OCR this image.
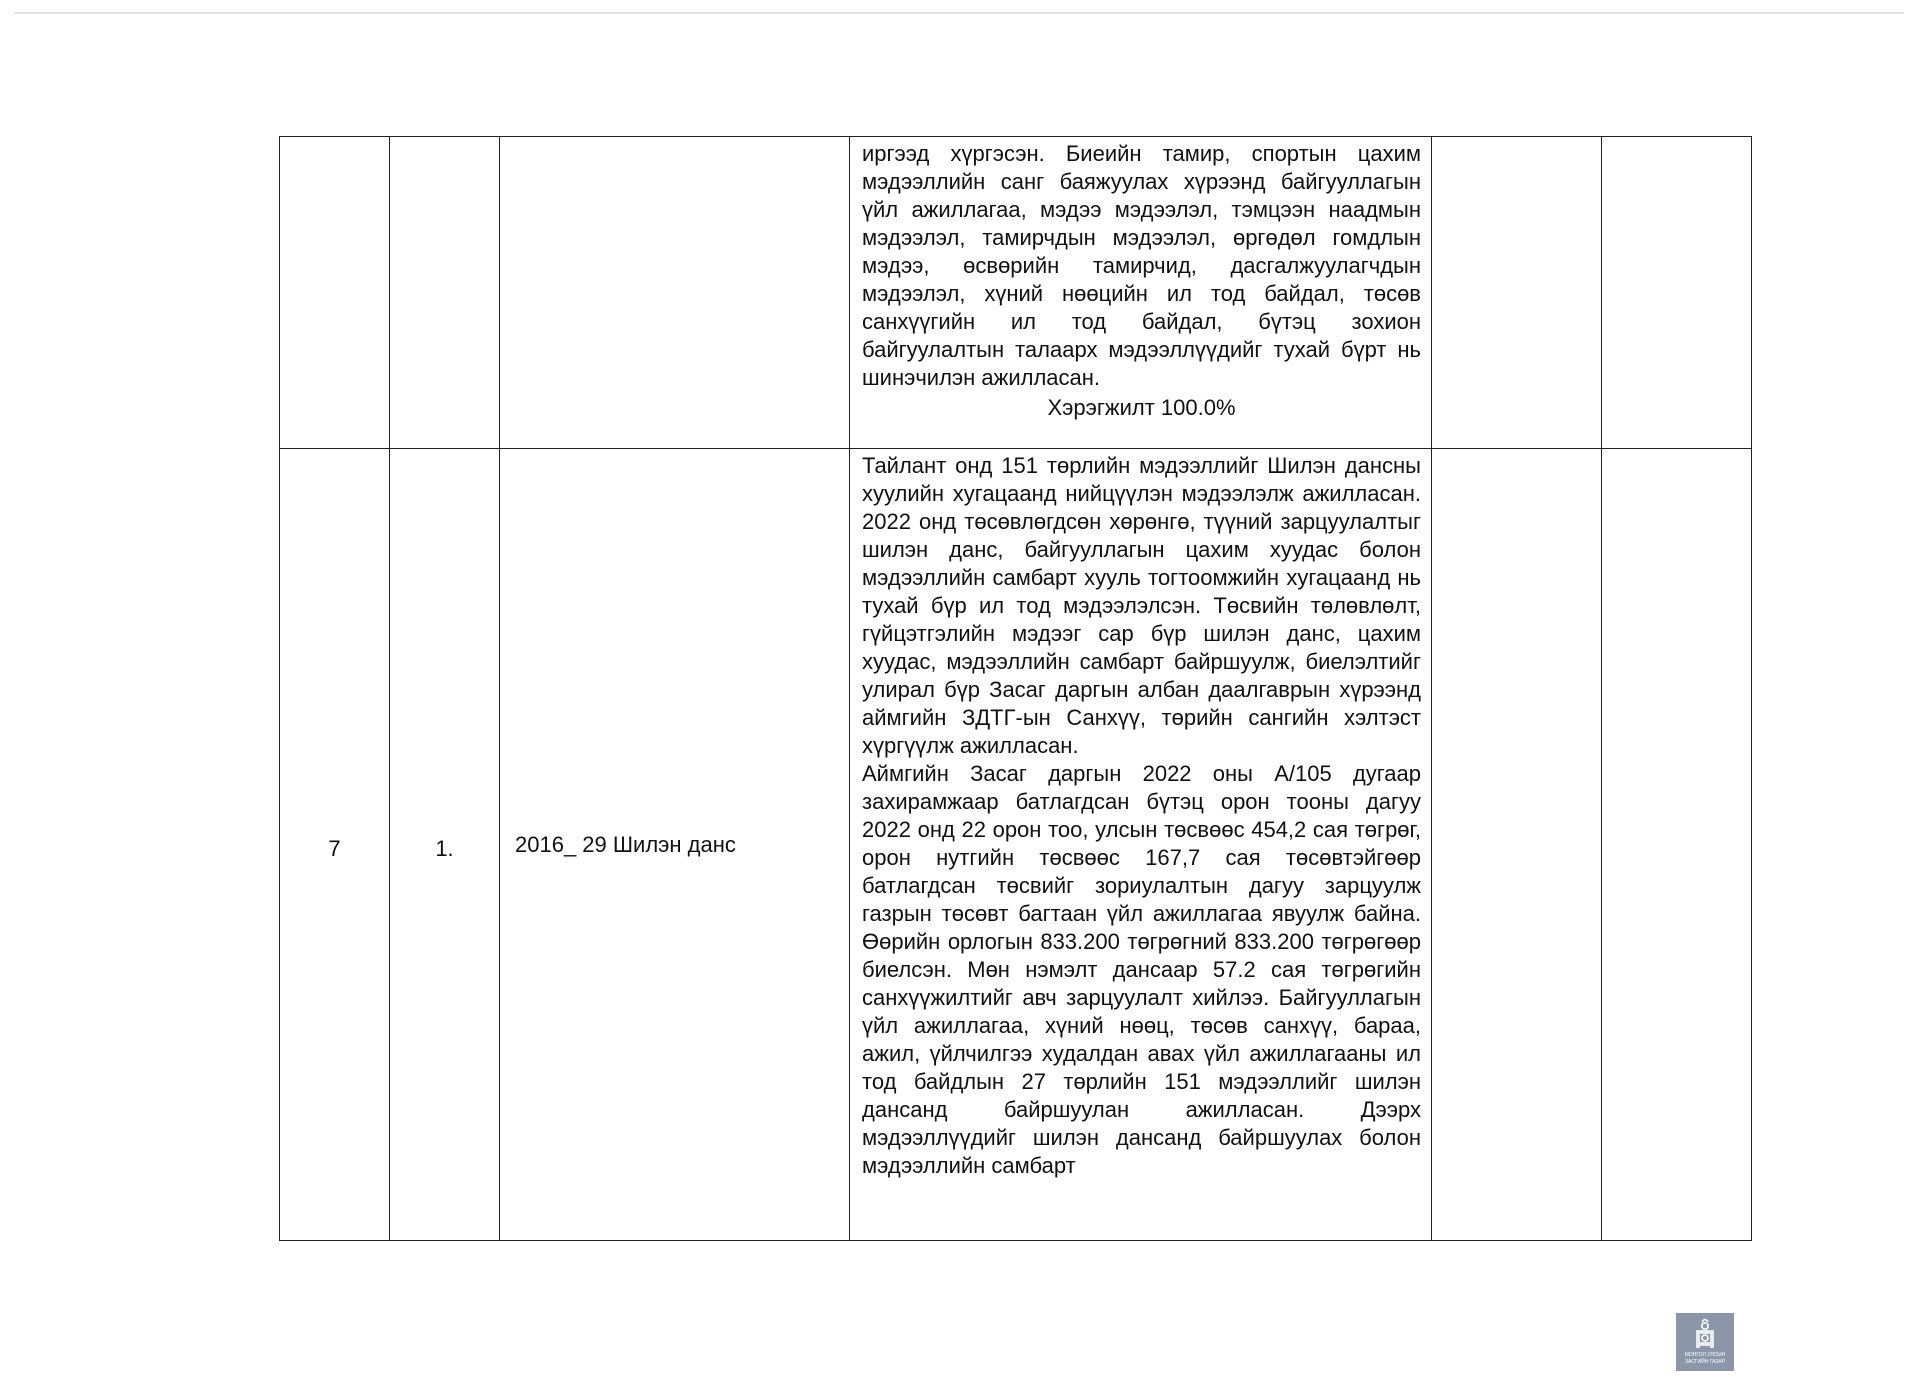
			иргээд хүргэсэн. Биеийн тамир, спортын цахим мэдээллийн санг баяжуулах хүрээнд байгууллагын үйл ажиллагаа, мэдээ мэдээлэл, тэмцээн наадмын мэдээлэл, тамирчдын мэдээлэл, өргөдөл гомдлын мэдээ, өсвөрийн тамирчид, дасгалжуулагчдын мэдээлэл, хүний нөөцийн ил тод байдал, төсөв санхүүгийн ил тод байдал, бүтэц зохион байгуулалтын талаарх мэдээллүүдийг тухай бүрт нь шинэчилэн ажилласан.

Хэрэгжилт 100.0%			

7	1.	2016_ 29 Шилэн данс	Тайлант онд 151 төрлийн мэдээллийг Шилэн дансны хуулийн хугацаанд нийцүүлэн мэдээлэлж ажилласан. 2022 онд төсөвлөгдсөн хөрөнгө, түүний зарцуулалтыг шилэн данс, байгууллагын цахим хуудас болон мэдээллийн самбарт хууль тогтоомжийн хугацаанд нь тухай бүр ил тод мэдээлэлсэн. Төсвийн төлөвлөлт, гүйцэтгэлийн мэдээг сар бүр шилэн данс, цахим хуудас, мэдээллийн самбарт байршуулж, биелэлтийг улирал бүр Засаг даргын албан даалгаврын хүрээнд аймгийн ЗДТГ-ын Санхүү, төрийн сангийн хэлтэст хүргүүлж ажилласан.

Аймгийн Засаг даргын 2022 оны А/105 дугаар захирамжаар батлагдсан бүтэц орон тооны дагуу 2022 онд 22 орон тоо, улсын төсвөөс 454,2 сая төгрөг, орон нутгийн төсвөөс 167,7 сая төсөвтэйгөөр батлагдсан төсвийг зориулалтын дагуу зарцуулж газрын төсөвт багтаан үйл ажиллагаа явуулж байна. Өөрийн орлогын 833.200 төгрөгний 833.200 төгрөгөөр биелсэн. Мөн нэмэлт дансаар 57.2 сая төгрөгийн санхүүжилтийг авч зарцуулалт хийлээ. Байгууллагын үйл ажиллагаа, хүний нөөц, төсөв санхүү, бараа, ажил, үйлчилгээ худалдан авах үйл ажиллагааны ил тод байдлын 27 төрлийн 151 мэдээллийг шилэн дансанд байршуулан ажилласан. Дээрх мэдээллүүдийг шилэн дансанд байршуулах болон мэдээллийн самбарт			

МОНГОЛ УЛСЫН
ЗАСГИЙН ГАЗАР
